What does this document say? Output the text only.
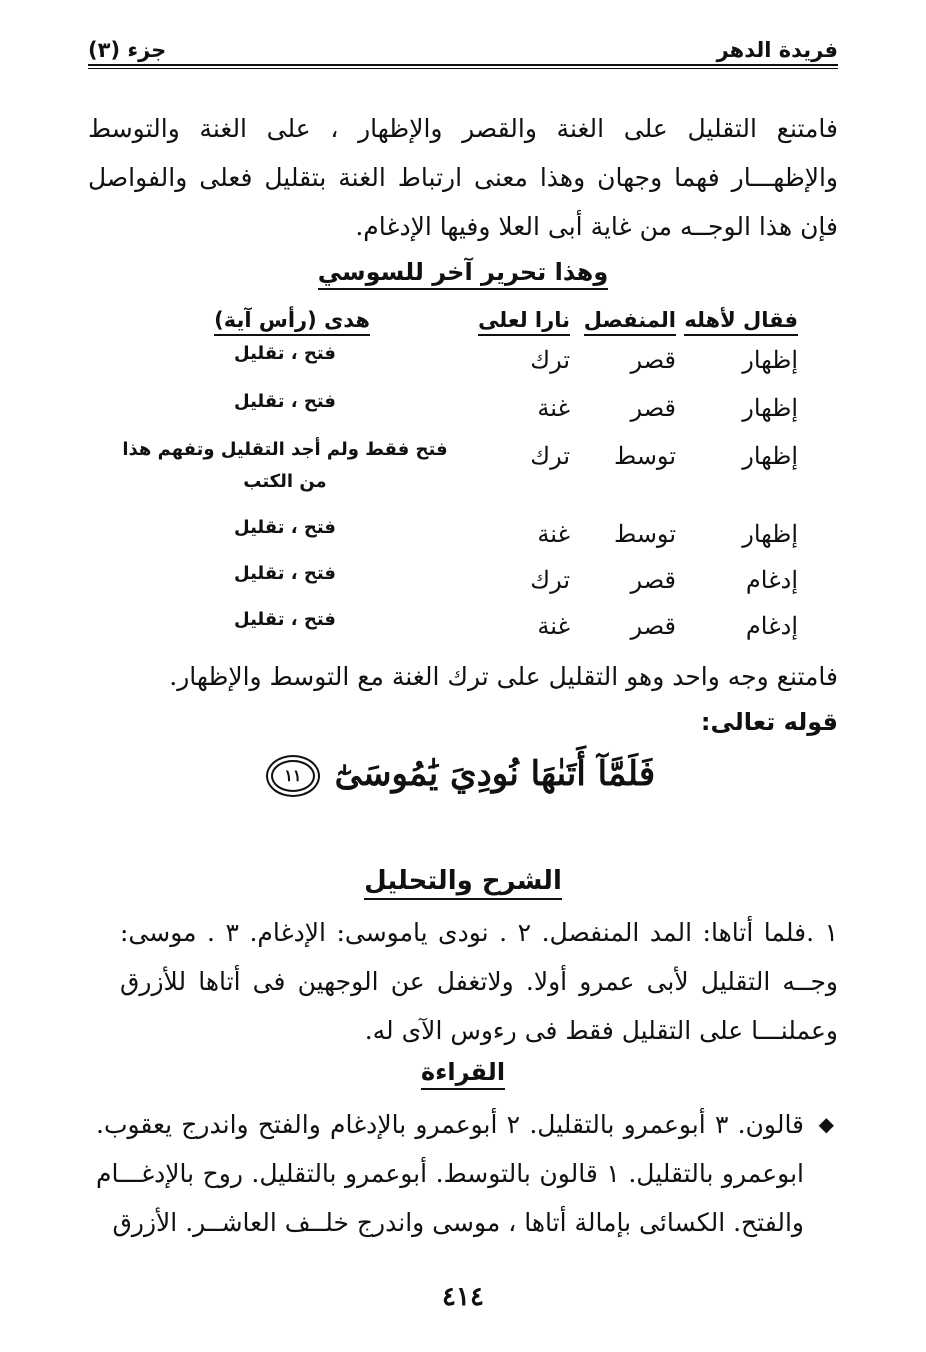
فريدة الدهر
جزء (٣)
فامتنع التقليل على الغنة والقصر والإظهار ، على الغنة والتوسط والإظهـــار فهما وجهان وهذا معنى ارتباط الغنة بتقليل فعلى والفواصل فإن هذا الوجــه من غاية أبى العلا وفيها الإدغام.
وهذا تحرير آخر للسوسي
فقال لأهله
المنفصل
نارا لعلى
هدى (رأس آية)
إظهار
قصر
ترك
فتح ، تقليل
إظهار
قصر
غنة
فتح ، تقليل
إظهار
توسط
ترك
فتح فقط ولم أجد التقليل وتفهم هذا من الكتب
إظهار
توسط
غنة
فتح ، تقليل
إدغام
قصر
ترك
فتح ، تقليل
إدغام
قصر
غنة
فتح ، تقليل
فامتنع وجه واحد وهو التقليل على ترك الغنة مع التوسط والإظهار.
قوله تعالى:
فَلَمَّآ أَتَىٰهَا نُودِيَ يَٰمُوسَىٰٓ ١١
الشرح والتحليل
١ .فلما أتاها: المد المنفصل. ٢ . نودى ياموسى: الإدغام. ٣ . موسى: وجــه التقليل لأبى عمرو أولا. ولاتغفل عن الوجهين فى أتاها للأزرق وعملنـــا على التقليل فقط فى رءوس الآى له.
القراءة
◆
قالون. ٣ أبوعمرو بالتقليل. ٢ أبوعمرو بالإدغام والفتح واندرج يعقوب. ابوعمرو بالتقليل. ١ قالون بالتوسط. أبوعمرو بالتقليل. روح بالإدغـــام والفتح. الكسائى بإمالة أتاها ، موسى واندرج خلــف العاشــر. الأزرق
٤١٤
